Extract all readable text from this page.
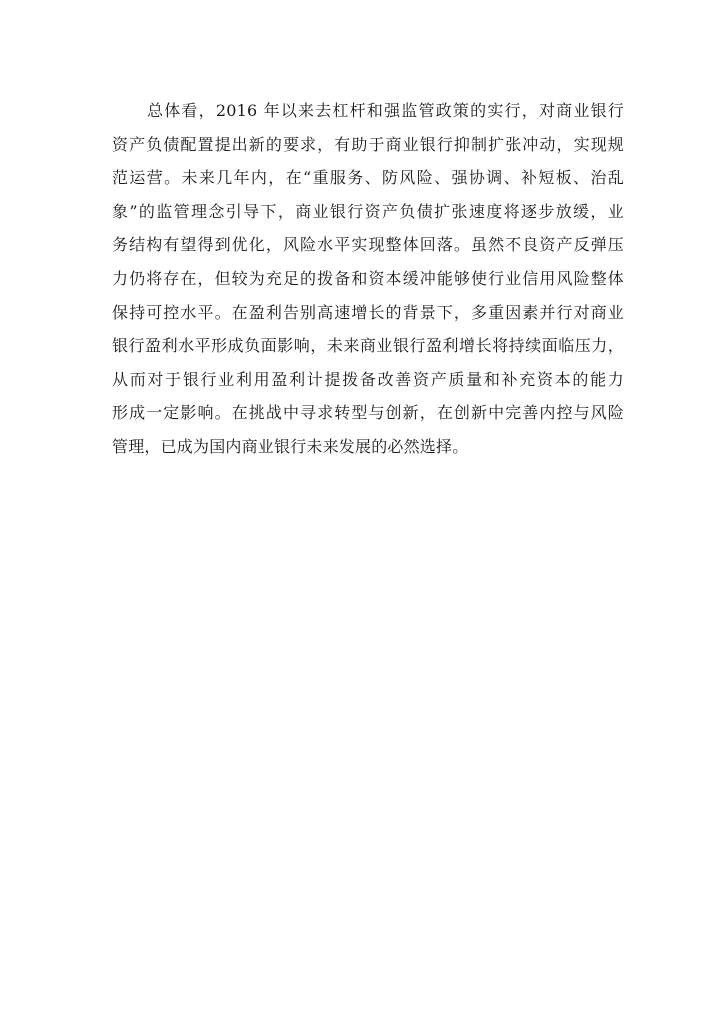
总体看，2016 年以来去杠杆和强监管政策的实行，对商业银行
资产负债配置提出新的要求，有助于商业银行抑制扩张冲动，实现规
范运营。未来几年内，在“重服务、防风险、强协调、补短板、治乱
象”的监管理念引导下，商业银行资产负债扩张速度将逐步放缓，业
务结构有望得到优化，风险水平实现整体回落。虽然不良资产反弹压
力仍将存在，但较为充足的拨备和资本缓冲能够使行业信用风险整体
保持可控水平。在盈利告别高速增长的背景下，多重因素并行对商业
银行盈利水平形成负面影响，未来商业银行盈利增长将持续面临压力，
从而对于银行业利用盈利计提拨备改善资产质量和补充资本的能力
形成一定影响。在挑战中寻求转型与创新，在创新中完善内控与风险
管理，已成为国内商业银行未来发展的必然选择。
